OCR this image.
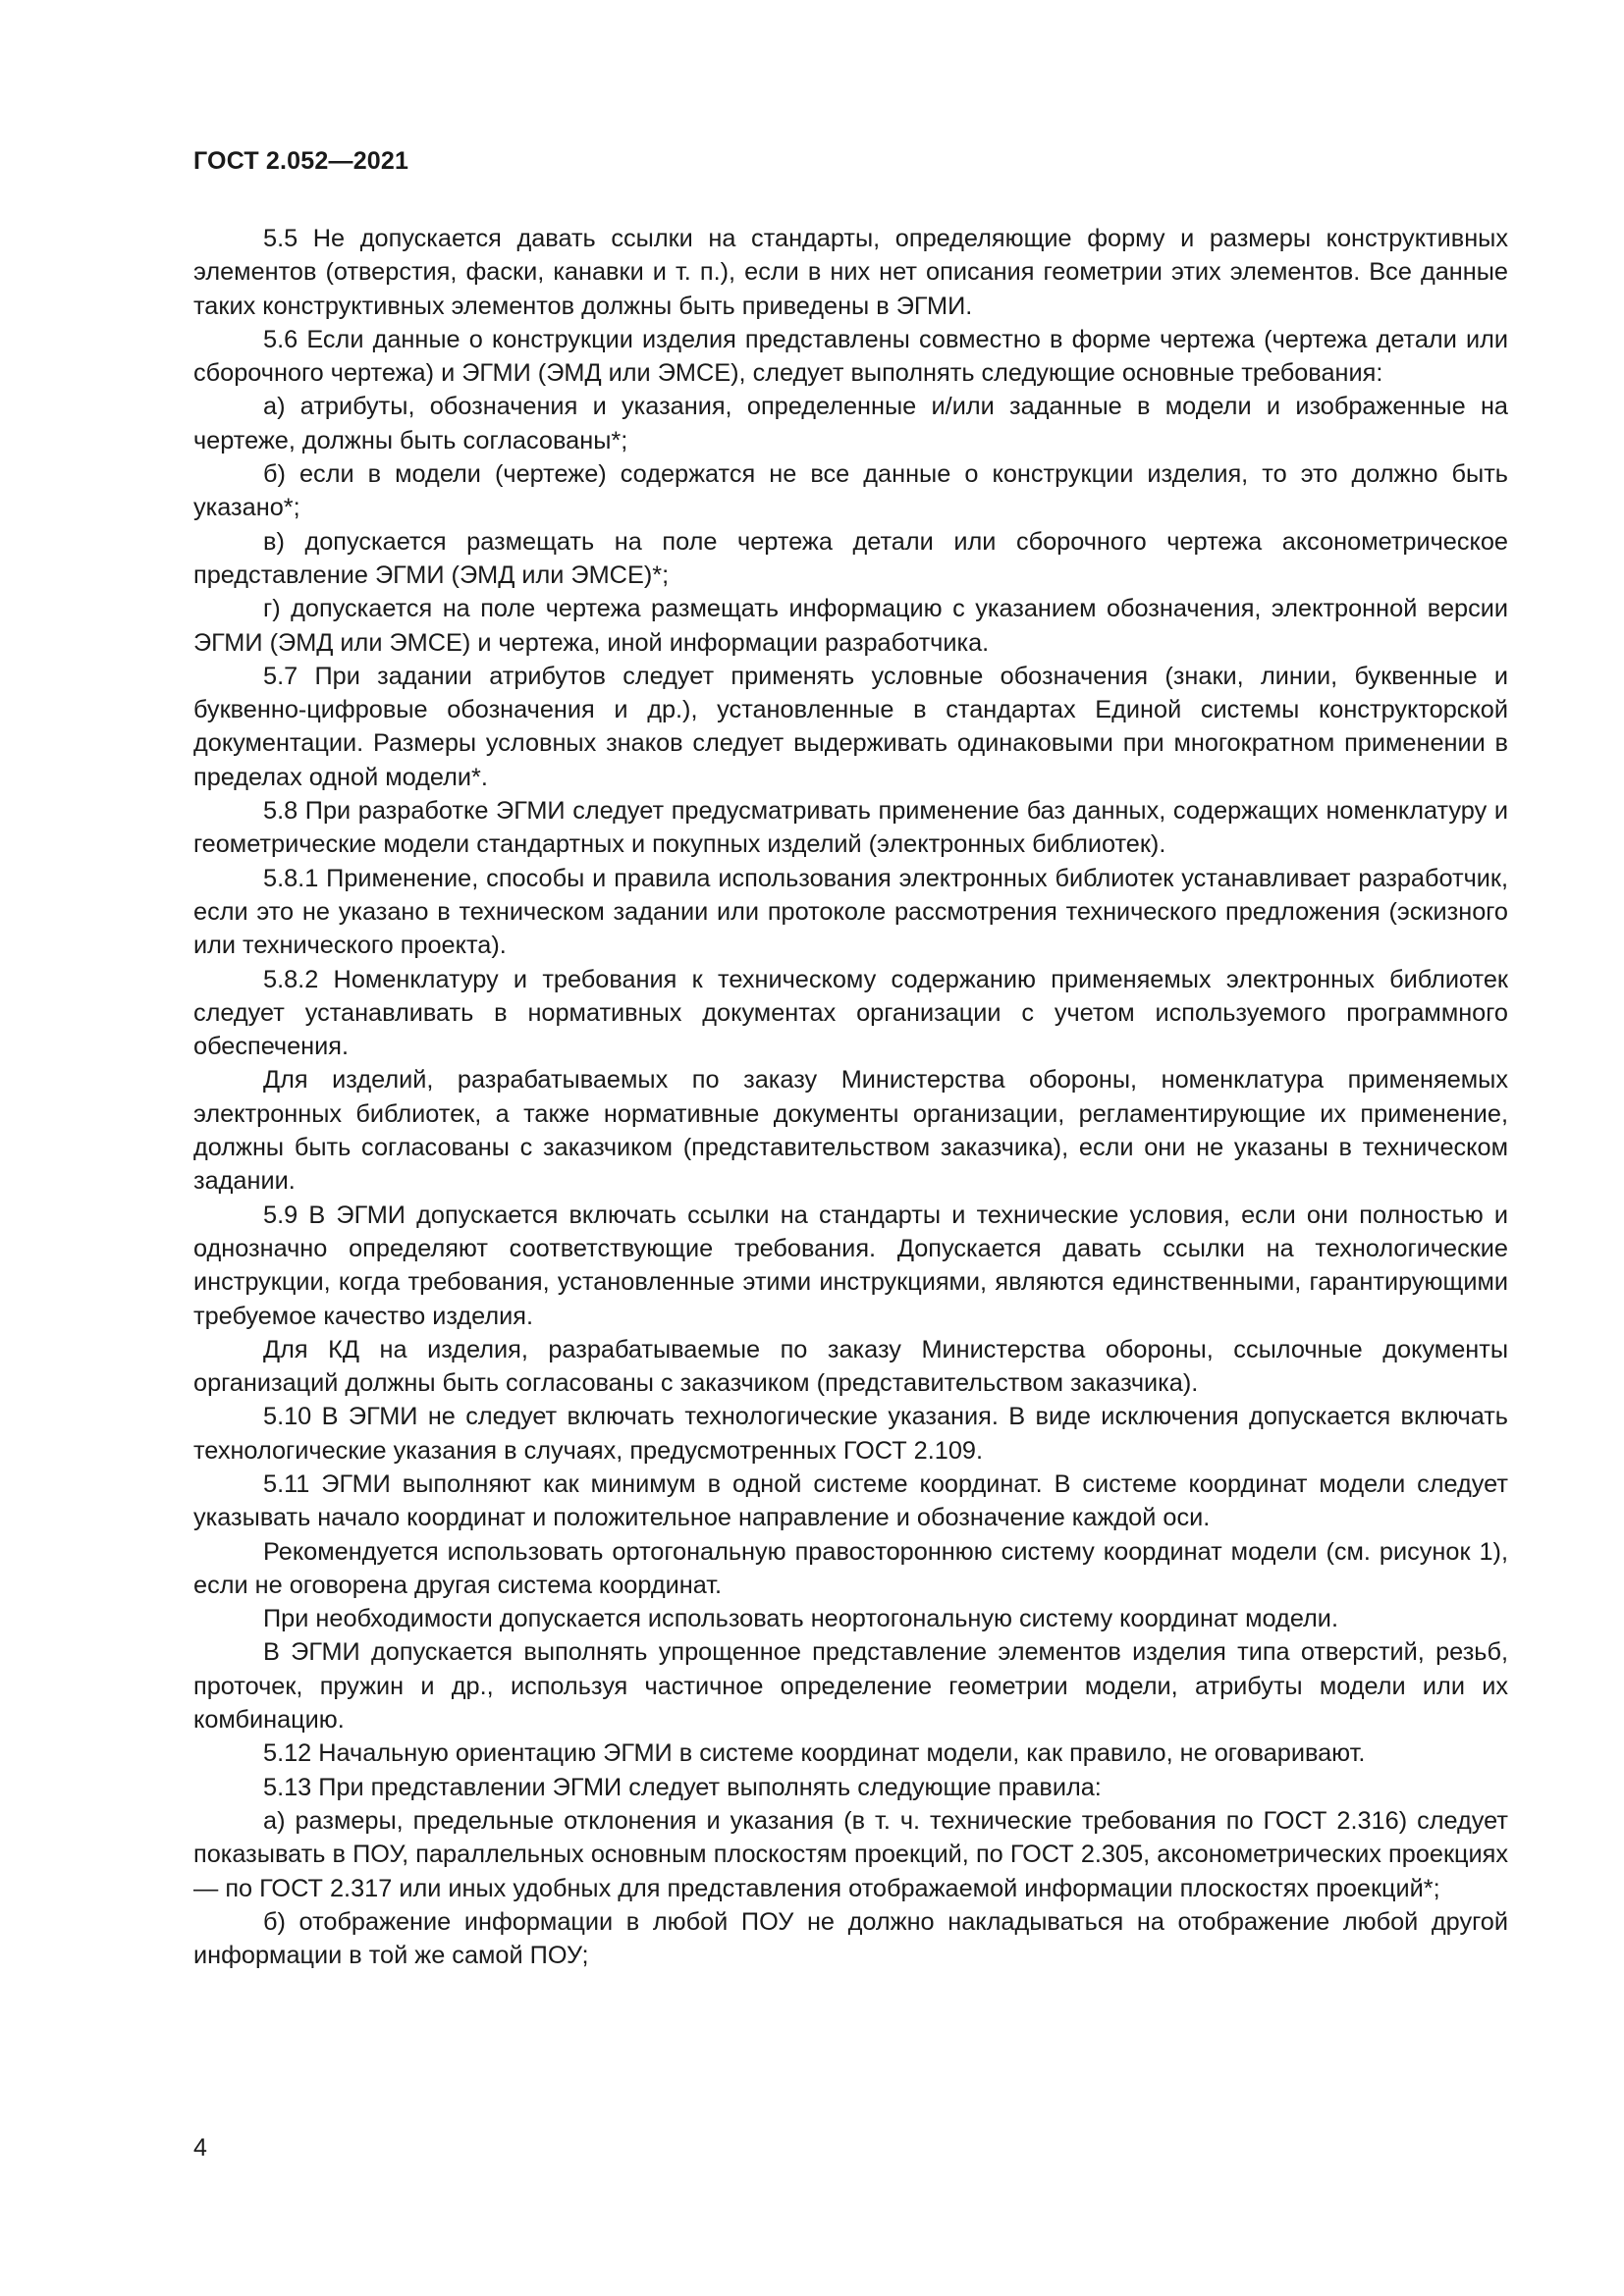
ГОСТ 2.052—2021

5.5 Не допускается давать ссылки на стандарты, определяющие форму и размеры конструктивных элементов (отверстия, фаски, канавки и т. п.), если в них нет описания геометрии этих элементов. Все данные таких конструктивных элементов должны быть приведены в ЭГМИ.

5.6 Если данные о конструкции изделия представлены совместно в форме чертежа (чертежа детали или сборочного чертежа) и ЭГМИ (ЭМД или ЭМСЕ), следует выполнять следующие основные требования:

а) атрибуты, обозначения и указания, определенные и/или заданные в модели и изображенные на чертеже, должны быть согласованы*;

б) если в модели (чертеже) содержатся не все данные о конструкции изделия, то это должно быть указано*;

в) допускается размещать на поле чертежа детали или сборочного чертежа аксонометрическое представление ЭГМИ (ЭМД или ЭМСЕ)*;

г) допускается на поле чертежа размещать информацию с указанием обозначения, электронной версии ЭГМИ (ЭМД или ЭМСЕ) и чертежа, иной информации разработчика.

5.7 При задании атрибутов следует применять условные обозначения (знаки, линии, буквенные и буквенно-цифровые обозначения и др.), установленные в стандартах Единой системы конструкторской документации. Размеры условных знаков следует выдерживать одинаковыми при многократном применении в пределах одной модели*.

5.8 При разработке ЭГМИ следует предусматривать применение баз данных, содержащих номенклатуру и геометрические модели стандартных и покупных изделий (электронных библиотек).

5.8.1 Применение, способы и правила использования электронных библиотек устанавливает разработчик, если это не указано в техническом задании или протоколе рассмотрения технического предложения (эскизного или технического проекта).

5.8.2 Номенклатуру и требования к техническому содержанию применяемых электронных библиотек следует устанавливать в нормативных документах организации с учетом используемого программного обеспечения.

Для изделий, разрабатываемых по заказу Министерства обороны, номенклатура применяемых электронных библиотек, а также нормативные документы организации, регламентирующие их применение, должны быть согласованы с заказчиком (представительством заказчика), если они не указаны в техническом задании.

5.9 В ЭГМИ допускается включать ссылки на стандарты и технические условия, если они полностью и однозначно определяют соответствующие требования. Допускается давать ссылки на технологические инструкции, когда требования, установленные этими инструкциями, являются единственными, гарантирующими требуемое качество изделия.

Для КД на изделия, разрабатываемые по заказу Министерства обороны, ссылочные документы организаций должны быть согласованы с заказчиком (представительством заказчика).

5.10 В ЭГМИ не следует включать технологические указания. В виде исключения допускается включать технологические указания в случаях, предусмотренных ГОСТ 2.109.

5.11 ЭГМИ выполняют как минимум в одной системе координат. В системе координат модели следует указывать начало координат и положительное направление и обозначение каждой оси.

Рекомендуется использовать ортогональную правостороннюю систему координат модели (см. рисунок 1), если не оговорена другая система координат.

При необходимости допускается использовать неортогональную систему координат модели.

В ЭГМИ допускается выполнять упрощенное представление элементов изделия типа отверстий, резьб, проточек, пружин и др., используя частичное определение геометрии модели, атрибуты модели или их комбинацию.

5.12 Начальную ориентацию ЭГМИ в системе координат модели, как правило, не оговаривают.

5.13 При представлении ЭГМИ следует выполнять следующие правила:

а) размеры, предельные отклонения и указания (в т. ч. технические требования по ГОСТ 2.316) следует показывать в ПОУ, параллельных основным плоскостям проекций, по ГОСТ 2.305, аксонометрических проекциях — по ГОСТ 2.317 или иных удобных для представления отображаемой информации плоскостях проекций*;

б) отображение информации в любой ПОУ не должно накладываться на отображение любой другой информации в той же самой ПОУ;

4
